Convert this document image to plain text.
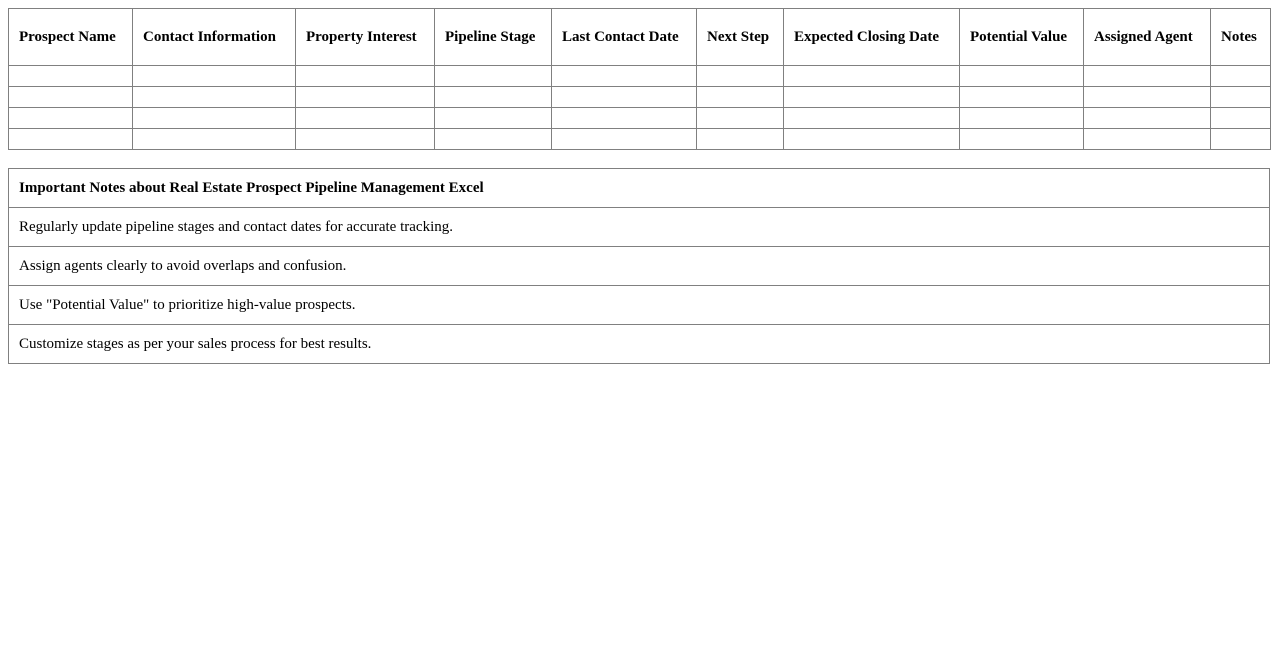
Prospect Name	Contact Information	Property Interest	Pipeline Stage	Last Contact Date	Next Step	Expected Closing Date	Potential Value	Assigned Agent	Notes

Important Notes about Real Estate Prospect Pipeline Management Excel
Regularly update pipeline stages and contact dates for accurate tracking.
Assign agents clearly to avoid overlaps and confusion.
Use "Potential Value" to prioritize high-value prospects.
Customize stages as per your sales process for best results.
